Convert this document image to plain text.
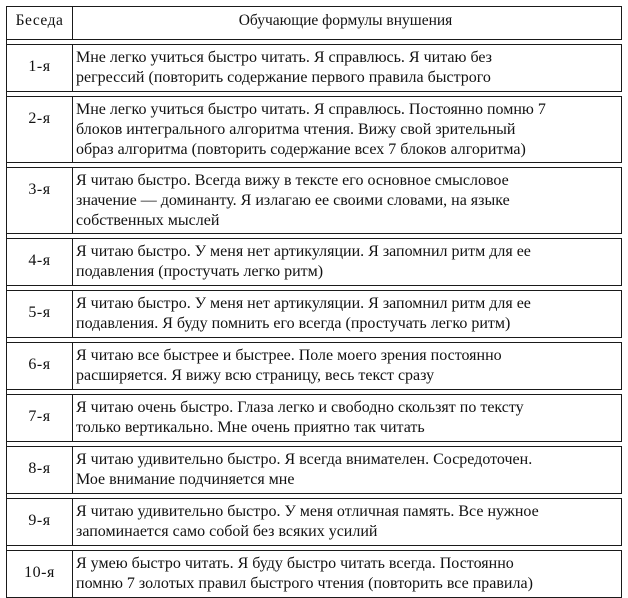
Беседа	Обучающие формулы внушения
1-я
Мне легко учиться быстро читать. Я справлюсь. Я читаю без
регрессий (повторить содержание первого правила быстрого
2-я
Мне легко учиться быстро читать. Я справлюсь. Постоянно помню 7
блоков интегрального алгоритма чтения. Вижу свой зрительный
образ алгоритма (повторить содержание всех 7 блоков алгоритма)
3-я
Я читаю быстро. Всегда вижу в тексте его основное смысловое
значение — доминанту. Я излагаю ее своими словами, на языке
собственных мыслей
4-я
Я читаю быстро. У меня нет артикуляции. Я запомнил ритм для ее
подавления (простучать легко ритм)
5-я
Я читаю быстро. У меня нет артикуляции. Я запомнил ритм для ее
подавления. Я буду помнить его всегда (простучать легко ритм)
6-я
Я читаю все быстрее и быстрее. Поле моего зрения постоянно
расширяется. Я вижу всю страницу, весь текст сразу
7-я
Я читаю очень быстро. Глаза легко и свободно скользят по тексту
только вертикально. Мне очень приятно так читать
8-я
Я читаю удивительно быстро. Я всегда внимателен. Сосредоточен.
Мое внимание подчиняется мне
9-я
Я читаю удивительно быстро. У меня отличная память. Все нужное
запоминается само собой без всяких усилий
10-я
Я умею быстро читать. Я буду быстро читать всегда. Постоянно
помню 7 золотых правил быстрого чтения (повторить все правила)
